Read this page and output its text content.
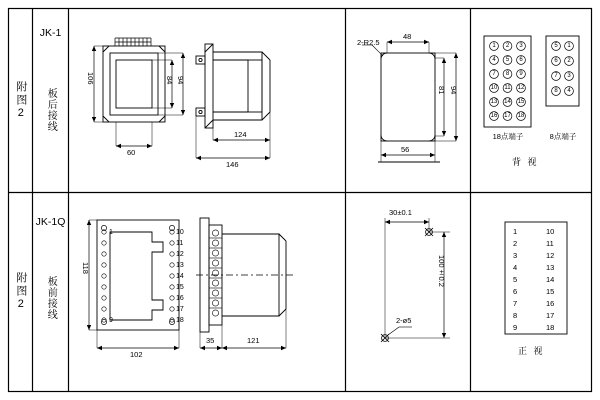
附图2
JK-1
板后接线
106	84 94
60
124
146
2-R2.5
48
81 94
56
1 2 3
4 5 6
7 8 9
10 11 12
13 14 15
16 17 18
5 1
6 2
7 3
8 4
18点端子	8点端子
背 视
附图2
JK-1Q
板前接线
1
9
10
11
12
13
14
15
16
17
18
118
102
35	121
30±0.1
100±0.2
2-ø5
1	10
2	11
3	12
4	13
5	14
6	15
7	16
8	17
9	18
正 视
